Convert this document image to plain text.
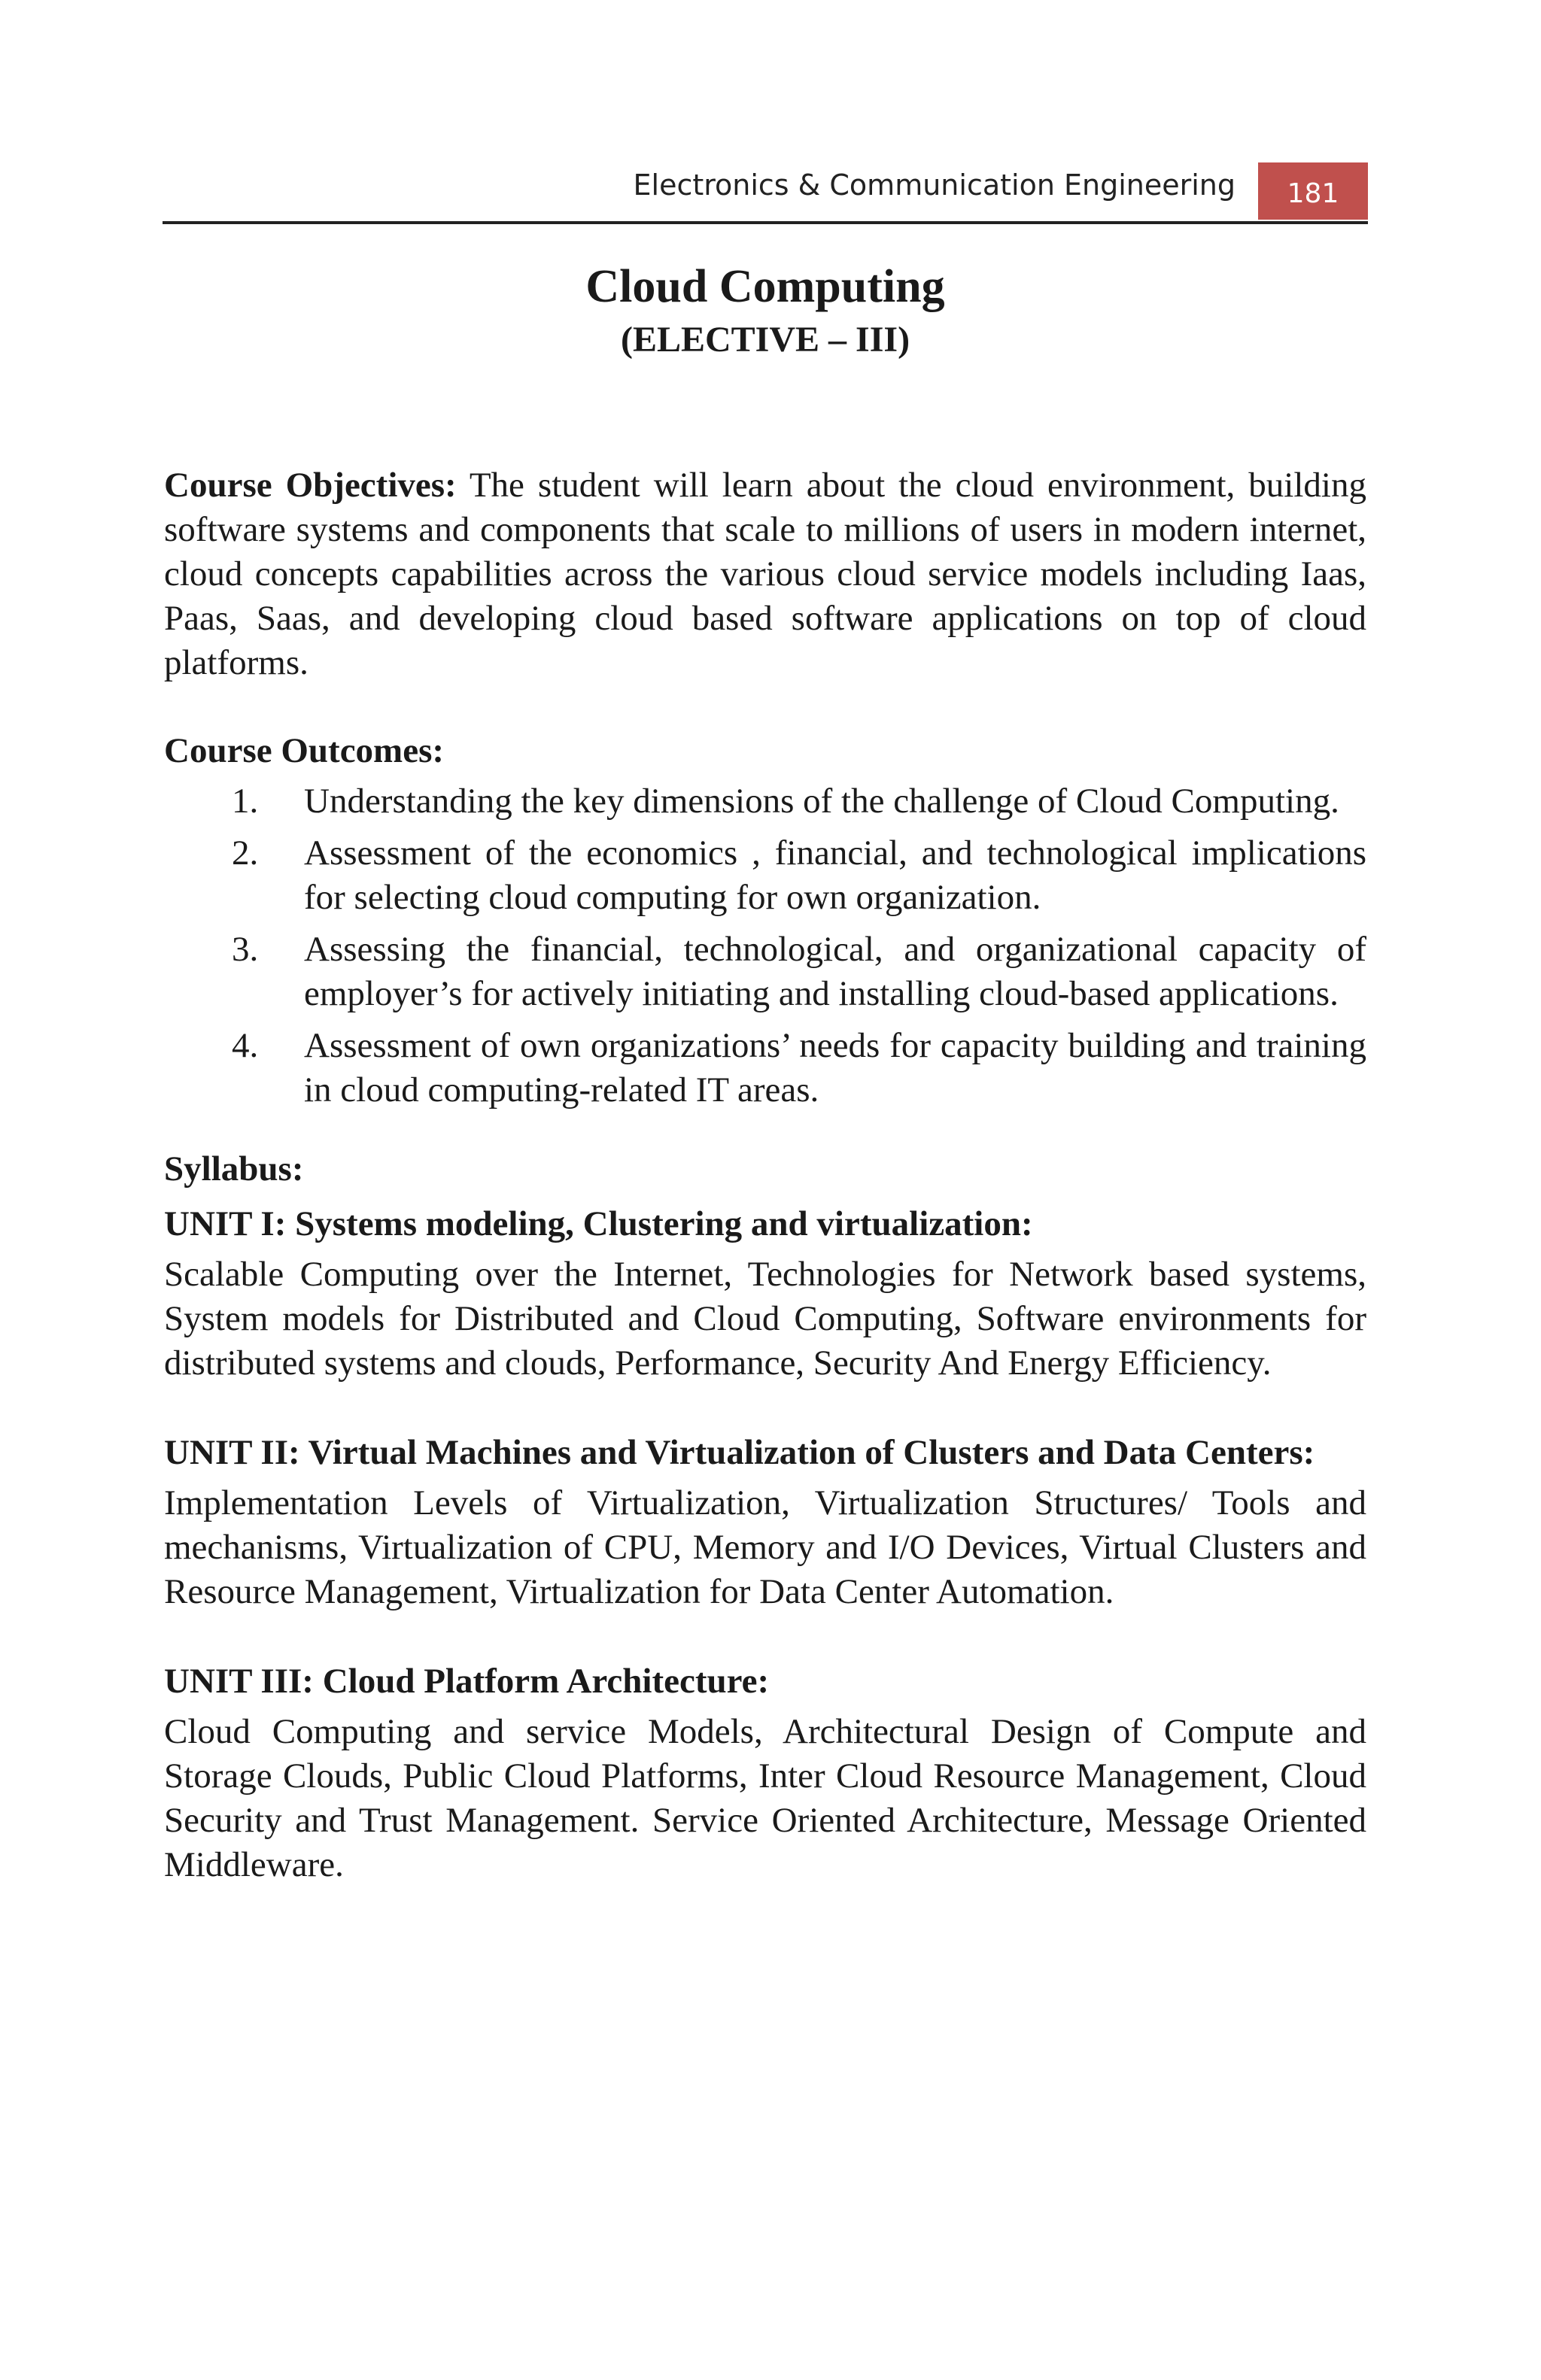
Electronics & Communication Engineering	181
Cloud Computing
(ELECTIVE – III)

Course Objectives: The student will learn about the cloud environment, building software systems and components that scale to millions of users in modern internet, cloud concepts capabilities across the various cloud service models including Iaas, Paas, Saas, and developing cloud based software applications on top of cloud platforms.

Course Outcomes:
1. Understanding the key dimensions of the challenge of Cloud Computing.
2. Assessment of the economics , financial, and technological implications for selecting cloud computing for own organization.
3. Assessing the financial, technological, and organizational capacity of employer’s for actively initiating and installing cloud-based applications.
4. Assessment of own organizations’ needs for capacity building and training in cloud computing-related IT areas.
Syllabus:
UNIT I: Systems modeling, Clustering and virtualization:

Scalable Computing over the Internet, Technologies for Network based systems, System models for Distributed and Cloud Computing, Software environments for distributed systems and clouds, Performance, Security And Energy Efficiency.

UNIT II: Virtual Machines and Virtualization of Clusters and Data Centers:

Implementation Levels of Virtualization, Virtualization Structures/ Tools and mechanisms, Virtualization of CPU, Memory and I/O Devices, Virtual Clusters and Resource Management, Virtualization for Data Center Automation.

UNIT III: Cloud Platform Architecture:

Cloud Computing and service Models, Architectural Design of Compute and Storage Clouds, Public Cloud Platforms, Inter Cloud Resource Management, Cloud Security and Trust Management. Service Oriented Architecture, Message Oriented Middleware.
